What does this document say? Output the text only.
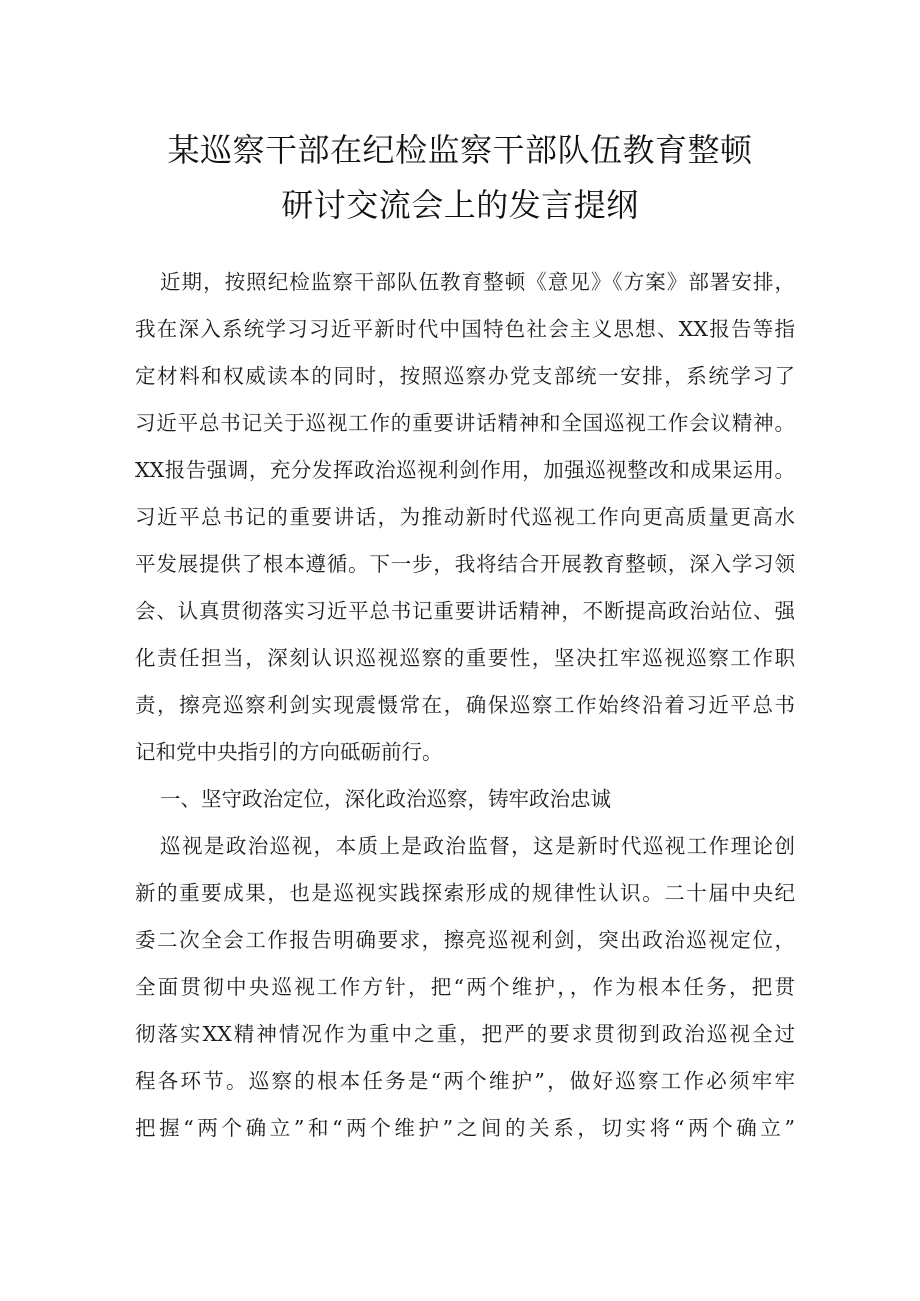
某巡察干部在纪检监察干部队伍教育整顿
研讨交流会上的发言提纲
近期，按照纪检监察干部队伍教育整顿《意见》《方案》部署安排，
我在深入系统学习习近平新时代中国特色社会主义思想、XX报告等指
定材料和权威读本的同时，按照巡察办党支部统一安排，系统学习了
习近平总书记关于巡视工作的重要讲话精神和全国巡视工作会议精神。
XX报告强调，充分发挥政治巡视利剑作用，加强巡视整改和成果运用。
习近平总书记的重要讲话，为推动新时代巡视工作向更高质量更高水
平发展提供了根本遵循。下一步，我将结合开展教育整顿，深入学习领
会、认真贯彻落实习近平总书记重要讲话精神，不断提高政治站位、强
化责任担当，深刻认识巡视巡察的重要性，坚决扛牢巡视巡察工作职
责，擦亮巡察利剑实现震慑常在，确保巡察工作始终沿着习近平总书
记和党中央指引的方向砥砺前行。
一、坚守政治定位，深化政治巡察，铸牢政治忠诚
巡视是政治巡视，本质上是政治监督，这是新时代巡视工作理论创
新的重要成果，也是巡视实践探索形成的规律性认识。二十届中央纪
委二次全会工作报告明确要求，擦亮巡视利剑，突出政治巡视定位，
全面贯彻中央巡视工作方针，把“两个维护，，作为根本任务，把贯
彻落实XX精神情况作为重中之重，把严的要求贯彻到政治巡视全过
程各环节。巡察的根本任务是“两个维护”，做好巡察工作必须牢牢
把握“两个确立”和“两个维护”之间的关系，切实将“两个确立”
